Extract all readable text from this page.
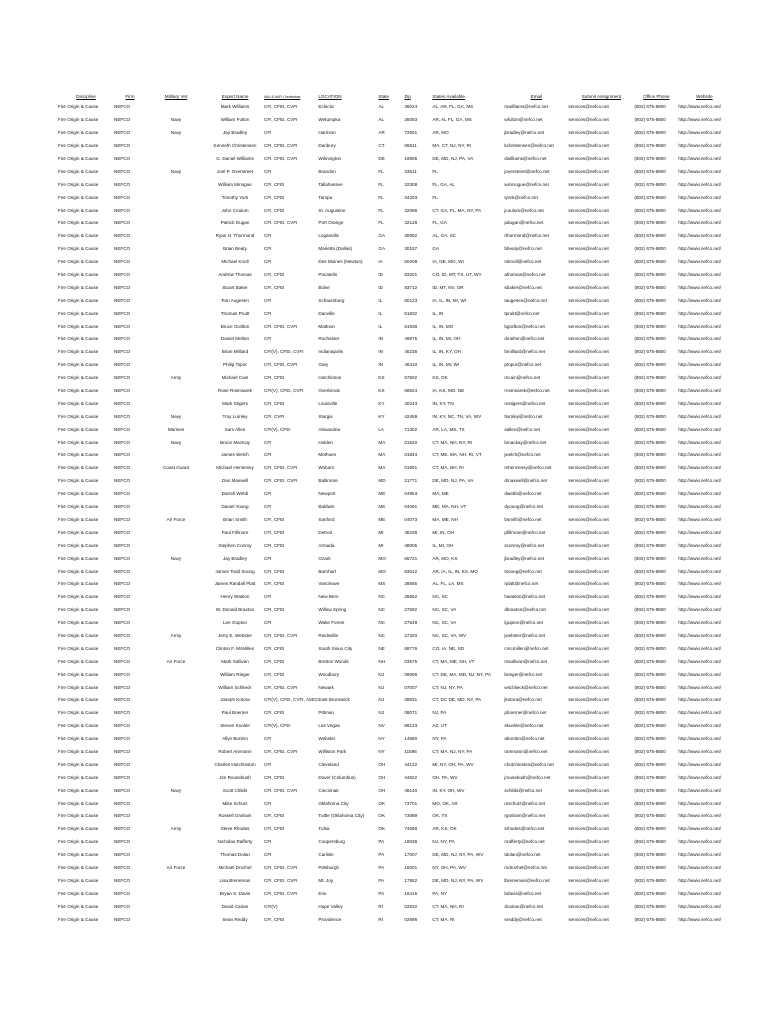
Discipline	Firm	Military Vet	Expert Name	IAAI & NAFI Credentials	LOCATION	State	Zip	States Available	Email	Submit Assignment	Office Phone	Website
Fire Origin & Cause	NEFCO		Mark Williams	CFI, CFEI, CVFI	Eclectic	AL	36024	AL, AR, FL, GA, MS	mwilliams@nefco.net	services@nefco.net	(802) 675-8800	http://www.nefco.net/
Fire Origin & Cause	NEFCO	Navy	William Fulton	CFI, CFEI, CVFI	Wetumpka	AL	36093	AR, AL FL, GA, MS	wfulton@nefco.net	services@nefco.net	(802) 675-8800	http://www.nefco.net/
Fire Origin & Cause	NEFCO	Navy	Jay Bradley	CFI	Harrison	AR	72601	AR, MO	jbradley@nefco.net	services@nefco.net	(802) 675-8800	http://www.nefco.net/
Fire Origin & Cause	NEFCO		Kenneth Christensen	CFI, CFEI, CVFI	Danbury	CT	06811	MA, CT, NJ, NY, RI	kchristensen@nefco.net	services@nefco.net	(802) 675-8800	http://www.nefco.net/
Fire Origin & Cause	NEFCO		G. Daniel Williams	CFI, CFEI, CVFI	Wilmington	DE	19805	DE, MD, NJ, PA, VA	dwilliams@nefco.net	services@nefco.net	(802) 675-8800	http://www.nefco.net/
Fire Origin & Cause	NEFCO	Navy	Joel P. Overstreet	CFI	Brandon	FL	33511	FL	joverstreet@nefco.net	services@nefco.net	(802) 675-8800	http://www.nefco.net/
Fire Origin & Cause	NEFCO		William Minogue	CFI, CFEI	Tallahassee	FL	32308	FL, GA, AL	wminogue@nefco.net	services@nefco.net	(802) 675-8800	http://www.nefco.net/
Fire Origin & Cause	NEFCO		Timothy York	CFI, CFEI	Tampa	FL	34203	FL	tyork@nefco.net	services@nefco.net	(802) 675-8800	http://www.nefco.net/
Fire Origin & Cause	NEFCO		John Coulum	CFI, CFEI	St. Augustine	FL	32086	CT, GA, FL, MA, NY, PA	jcoulum@nefco.net	services@nefco.net	(802) 675-8800	http://www.nefco.net/
Fire Origin & Cause	NEFCO		Patrick Dugan	CFI, CFEI, CVFI	Port Orange	FL	32128	FL, GA	pdugan@nefco.net	services@nefco.net	(802) 675-8800	http://www.nefco.net/
Fire Origin & Cause	NEFCO		Ryan H. Thurmond	CFI	Loganville	GA	30052	AL, GA, SC	rthurmond@nefco.net	services@nefco.net	(802) 675-8800	http://www.nefco.net/
Fire Origin & Cause	NEFCO		Brian Beaty	CFI	Marietta (Dallas)	GA	30157	GA	bbeaty@nefco.net	services@nefco.net	(802) 675-8800	http://www.nefco.net/
Fire Origin & Cause	NEFCO		Michael Knoll	CFI	Des Moines (Newton)	IA	50208	IA, NE, MO, WI	mknoll@nefco.net	services@nefco.net	(802) 675-8800	http://www.nefco.net/
Fire Origin & Cause	NEFCO		Andrew Thomas	CFI, CFEI	Pocatello	ID	83201	CO, ID, MT, TX, UT, WY	athomas@nefco.net	services@nefco.net	(802) 675-8800	http://www.nefco.net/
Fire Origin & Cause	NEFCO		Stuart Baker	CFI, CFEI	Boise	ID	83712	ID, MT, NV, OR	sbaker@nefco.net	services@nefco.net	(802) 675-8800	http://www.nefco.net/
Fire Origin & Cause	NEFCO		Tom Augesen	CFI	Schaumburg	IL	60123	IA, IL, IN, MI, WI	taugesen@nefco.net	services@nefco.net	(802) 675-8800	http://www.nefco.net/
Fire Origin & Cause	NEFCO		Thomas Pruitt	CFI	Danville	IL	61832	IL, IN	tpruitt@nefco.net	services@nefco.net	(802) 675-8800	http://www.nefco.net/
Fire Origin & Cause	NEFCO		Bruce Grafton	CFI, CFEI, CVFI	Mattoon	IL	61938	IL, IN, MO	bgrafton@nefco.net	services@nefco.net	(802) 675-8800	http://www.nefco.net/
Fire Origin & Cause	NEFCO		Daniel Melton	CFI	Rochester	IN	46975	IL, IN, MI, OH	dmelton@nefco.net	services@nefco.net	(802) 675-8800	http://www.nefco.net/
Fire Origin & Cause	NEFCO		Brian Milliard	CFI(V), CFEI, CVFI	Indianapolis	IN	46236	IL, IN, KY, OH	bmilliard@nefco.net	services@nefco.net	(802) 675-8800	http://www.nefco.net/
Fire Origin & Cause	NEFCO		Philip Topor	CFI, CFEI, CVFI	Gary	IN	46410	IL, IN, MI, WI	ptopor@nefco.net	services@nefco.net	(802) 675-8800	http://www.nefco.net/
Fire Origin & Cause	NEFCO	Army	Michael Cain	CFI, CFEI	Hutchinson	KS	67502	KS, OK	mcain@nefco.net	services@nefco.net	(802) 675-8800	http://www.nefco.net/
Fire Origin & Cause	NEFCO		Rose Rosmiarek	CFI(V), CFEI, CVFI	Overbrook	KS	66524	IA, KS, MO, NE	rrosmiarek@nefco.net	services@nefco.net	(802) 675-8800	http://www.nefco.net/
Fire Origin & Cause	NEFCO		Mark Stigers	CFI, CFEI	Louisville	KY	40243	IN, KY, TN	mstigers@nefco.net	services@nefco.net	(802) 675-8800	http://www.nefco.net/
Fire Origin & Cause	NEFCO	Navy	Troy Lumley	CFI, CVFI	Sturgis	KY	42459	IN, KY, NC, TN, VA, WV	tlumley@nefco.net	services@nefco.net	(802) 675-8800	http://www.nefco.net/
Fire Origin & Cause	NEFCO	Marines	Sam Allen	CFI(V), CFEI	Alexandria	LA	71302	AR, LA, MS, TX	sallen@nefco.net	services@nefco.net	(802) 675-8800	http://www.nefco.net/
Fire Origin & Cause	NEFCO	Navy	Bruce MacKay	CFI	Holden	MA	01520	CT, MA, NH, NY, RI	bmackay@nefco.net	services@nefco.net	(802) 675-8800	http://www.nefco.net/
Fire Origin & Cause	NEFCO		James Welch	CFI	Methuen	MA	01844	CT, ME, MA, NH, RI, VT	jwelch@nefco.net	services@nefco.net	(802) 675-8800	http://www.nefco.net/
Fire Origin & Cause	NEFCO	Coast Guard	Michael Hennessy	CFI, CFEI, CVFI	Woburn	MA	01801	CT, MA, NH, RI	mhennessy@nefco.net	services@nefco.net	(802) 675-8800	http://www.nefco.net/
Fire Origin & Cause	NEFCO		Dan Maxwell	CFI, CFEI, CVFI	Baltimore	MD	21771	DE, MD, NJ, PA, VA	dmaxwell@nefco.net	services@nefco.net	(802) 675-8800	http://www.nefco.net/
Fire Origin & Cause	NEFCO		Darrell Webb	CFI	Newport	ME	04953	MA, ME	dwebb@nefco.net	services@nefco.net	(802) 675-8800	http://www.nefco.net/
Fire Origin & Cause	NEFCO		Daniel Young	CFI	Baldwin	ME	04091	ME, MA, NH, VT	dyoung@nefco.net	services@nefco.net	(802) 675-8800	http://www.nefco.net/
Fire Origin & Cause	NEFCO	Air Force	Brian Smith	CFI, CFEI	Sanford	ME	04073	MA, ME, NH	bsmith@nefco.net	services@nefco.net	(802) 675-8800	http://www.nefco.net/
Fire Origin & Cause	NEFCO		Paul Fillmore	CFI, CFEI	Detroit	MI	48236	MI, IN, OH	pfillmore@nefco.net	services@nefco.net	(802) 675-8800	http://www.nefco.net/
Fire Origin & Cause	NEFCO		Stephen Conroy	CFI, CFEI	Armada	MI	48005	IL, MI, OH	sconroy@nefco.net	services@nefco.net	(802) 675-8800	http://www.nefco.net/
Fire Origin & Cause	NEFCO	Navy	Jay Bradley	CFI	Ozark	MO	65721	AR, MO, KS	jbradley@nefco.net	services@nefco.net	(802) 675-8800	http://www.nefco.net/
Fire Origin & Cause	NEFCO		James Todd Soong	CFI, CFEI	Barnhart	MO	63012	AR, IA, IL, IN, KS, MO	tsoong@nefco.net	services@nefco.net	(802) 675-8800	http://www.nefco.net/
Fire Origin & Cause	NEFCO		James Randall Platt	CFI, CFEI	Vancleave	MS	39565	AL, FL, LA, MS	rplatt@nefco.net	services@nefco.net	(802) 675-8800	http://www.nefco.net/
Fire Origin & Cause	NEFCO		Henry Watson	CFI	New Bern	NC	28562	NC, SC	hwatson@nefco.net	services@nefco.net	(802) 675-8800	http://www.nefco.net/
Fire Origin & Cause	NEFCO		W. Donald Braxton	CFI, CFEI	Willow Spring	NC	27592	NC, SC, VA	dbraxton@nefco.net	services@nefco.net	(802) 675-8800	http://www.nefco.net/
Fire Origin & Cause	NEFCO		Lee Gupton	CFI	Wake Forest	NC	27549	NC, SC, VA	lgupton@nefco.net	services@nefco.net	(802) 675-8800	http://www.nefco.net/
Fire Origin & Cause	NEFCO	Army	Jerry E. Webster	CFI, CFEI, CVFI	Reidsville	NC	27320	NC, SC, VA, WV	jwebster@nefco.net	services@nefco.net	(802) 675-8800	http://www.nefco.net/
Fire Origin & Cause	NEFCO		Clinton F. McMillen	CFI, CFEI	South Sioux City	NE	68776	CO, IA, NE, SD	cmcmillen@nefco.net	services@nefco.net	(802) 675-8800	http://www.nefco.net/
Fire Origin & Cause	NEFCO	Air Force	Mark Sullivan	CFI, CFEI	Bretton Woods	NH	03575	CT, MA, ME, NH, VT	msullivan@nefco.net	services@nefco.net	(802) 675-8800	http://www.nefco.net/
Fire Origin & Cause	NEFCO		William Rieger	CFI, CFEI	Woodbury	NJ	08096	CT, DE, MA, MD, NJ, NY, PA	brieger@nefco.net	services@nefco.net	(802) 675-8800	http://www.nefco.net/
Fire Origin & Cause	NEFCO		William Schlieck	CFI, CFEI, CVFI	Newark	NJ	07007	CT, NJ, NY, PA	wschlieck@nefco.net	services@nefco.net	(802) 675-8800	http://www.nefco.net/
Fire Origin & Cause	NEFCO		Joseph Kotora	CFI(V), CFEI, CVFI, ASEC	East Brunswick	NJ	08831	CT, DC DE, MD, NY, PA	jkotora@nefco.net	services@nefco.net	(802) 675-8800	http://www.nefco.net/
Fire Origin & Cause	NEFCO		Paul Boerner	CFI, CFEI	Pittman	NJ	08071	NJ, PA	pboerner@nefco.net	services@nefco.net	(802) 675-8800	http://www.nefco.net/
Fire Origin & Cause	NEFCO		Steven Kunkle	CFI(V), CFEI	Las Vegas	NV	89123	AZ, UT	skunkle@nefco.net	services@nefco.net	(802) 675-8800	http://www.nefco.net/
Fire Origin & Cause	NEFCO		Allyn Bonitro	CFI	Webster	NY	14580	NY, PA	abonitro@nefco.net	services@nefco.net	(802) 675-8800	http://www.nefco.net/
Fire Origin & Cause	NEFCO		Robert Ammann	CFI, CFEI, CVFI	Williston Park	NY	11596	CT, MA, NJ, NY, PA	rammann@nefco.net	services@nefco.net	(802) 675-8800	http://www.nefco.net/
Fire Origin & Cause	NEFCO		Charles Hutchinston	CFI	Cleveland	OH	44122	MI, NY, OH, PA, WV	chutchinston@nefco.net	services@nefco.net	(802) 675-8800	http://www.nefco.net/
Fire Origin & Cause	NEFCO		Jim Rousebush	CFI, CFEI	Dover (Columbus)	OH	44622	OH, PA, WV	jrousebush@nefco.net	services@nefco.net	(802) 675-8800	http://www.nefco.net/
Fire Origin & Cause	NEFCO	Navy	Scott Childs	CFI, CFEI, CVFI	Cincinnati	OH	45140	IN, KY, OH, WV	schilds@nefco.net	services@nefco.net	(802) 675-8800	http://www.nefco.net/
Fire Origin & Cause	NEFCO		Mike Schutz	CFI	Oklahoma City	OK	73701	MO, OK, AR	mschutz@nefco.net	services@nefco.net	(802) 675-8800	http://www.nefco.net/
Fire Origin & Cause	NEFCO		Russell Graham	CFI, CFEI	Tuttle (Oklahoma City)	OK	73089	OK, TX	rgraham@nefco.net	services@nefco.net	(802) 675-8800	http://www.nefco.net/
Fire Origin & Cause	NEFCO	Army	Steve Rhodes	CFI, CFEI	Tulsa	OK	74066	AR, KS, OK	srhodes@nefco.net	services@nefco.net	(802) 675-8800	http://www.nefco.net/
Fire Origin & Cause	NEFCO		Nicholas Rafferty	CFI	Coopersburg	PA	18036	NJ, NY, PA	nrafferty@nefco.net	services@nefco.net	(802) 675-8800	http://www.nefco.net/
Fire Origin & Cause	NEFCO		Thomas Dolan	CFI	Carlisle	PA	17007	DE, MD, NJ, NY, PA, WV	tdolan@nefco.net	services@nefco.net	(802) 675-8800	http://www.nefco.net/
Fire Origin & Cause	NEFCO	Air Force	Michael Drozhel	CFI, CFEI, CVFI	Pittsburgh	PA	15001	NY, OH, PA, WV	mdrozhel@nefco.net	services@nefco.net	(802) 675-8800	http://www.nefco.net/
Fire Origin & Cause	NEFCO		Lisa Breneman	CFI, CFEI, CVFI	Mt. Joy	PA	17552	DE, MD, NJ, NY, PA, WV	lbreneman@nefco.net	services@nefco.net	(802) 675-8800	http://www.nefco.net/
Fire Origin & Cause	NEFCO		Bryan S. Davis	CFI, CFEI, CVFI	Erie	PA	16415	PA, NY	bdavis@nefco.net	services@nefco.net	(802) 675-8800	http://www.nefco.net/
Fire Origin & Cause	NEFCO		David Carian	CFI(V)	Hope Valley	RI	02832	CT, MA, NH, RI	dcarian@nefco.net	services@nefco.net	(802) 675-8800	http://www.nefco.net/
Fire Origin & Cause	NEFCO		Sean Reddy	CFI, CFEI	Providence	RI	02896	CT, MA, RI	sreddy@nefco.net	services@nefco.net	(802) 675-8800	http://www.nefco.net/
